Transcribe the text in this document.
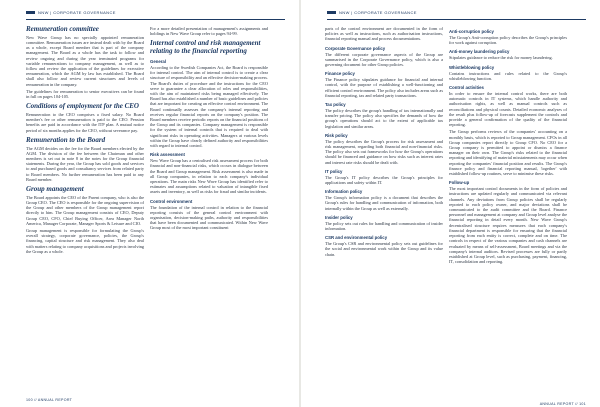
NNW | CORPORATE GOVERNANCE
Remuneration committee

New Wave Group has no specially appointed remuneration committee. Remuneration issues are instead dealt with by the Board as a whole, except Board member that is part of the company management. The Board as a whole has the task to follow and review ongoing and during the year terminated programs for variable remunerations to company management, as well as to follow and review the application of the guidelines for executive remuneration, which the AGM by law has established. The Board shall also follow and review current structures and levels of remuneration in the company.

The guidelines for remuneration to senior executives can be found in full on pages 104-105.

Conditions of employment for the CEO

Remuneration to the CEO comprises a fixed salary. No Board member's fee or other remuneration is paid to the CEO. Pension benefits are paid in accordance with the ITP plan. A mutual notice period of six months applies for the CEO, without severance pay.

Remuneration to the Board

The AGM decides on the fee for the Board members elected by the AGM. The division of the fee between the Chairman and other members is set out in note 8 in the notes for the Group financial statements. During the year, the Group has sold goods and services to and purchased goods and consultancy services from related party to Board members. No further remuneration has been paid to any Board member.

Group management

The Board appoints the CEO of the Parent company, who is also the Group CEO. The CEO is responsible for the ongoing supervision of the Group and other members of the Group management report directly to him. The Group management consists of CEO, Deputy Group CEO, CFO, Chief Buying Officer, Area Manager North America, Manager Corporate, Manager Sports & Leisure and CIO.

Group management is responsible for formulating the Group's overall strategy, corporate governance, policies, the Group's financing, capital structure and risk management. They also deal with matters relating to company acquisitions and projects involving the Group as a whole.

For a more detailed presentation of management's assignments and holdings in New Wave Group refer to pages 94-99.

Internal control and risk management relating to the financial reporting
General

According to the Swedish Companies Act, the Board is responsible for internal control. The aim of internal control is to create a clear structure of responsibility and an effective decision-making process. The Board's duties of procedure and the instructions for the CEO serve to guarantee a clear allocation of roles and responsibilities, with the aim of maintained risks being managed effectively. The Board has also established a number of basic guidelines and policies that are important for creating an effective control environment. The Board continually assesses the company's internal reporting and receives regular financial reports on the company's position. The Board members receive periodic reports on the financial positions of the Group and its companies. Company management is responsible for the system of internal controls that is required to deal with significant risks in operating activities. Managers at various levels within the Group have clearly defined authority and responsibilities with regard to internal control.

Risk assessment

New Wave Group has a centralised risk assessment process for both financial and non-financial risks, which occurs in dialogue between the Board and Group management. Risk assessment is also made in all Group companies, in relation to each company's individual operations. The main risks New Wave Group has identified refer to estimates and assumptions related to valuation of intangible fixed assets and inventory, as well as risks for fraud and similar incidents.

Control environment

The foundation of the internal control in relation to the financial reporting consists of the general control environment with organisation, decision-making paths, authority and responsibilities that have been documented and communicated. Within New Wave Group most of the most important constituent

100 // ANNUAL REPORT
NNW | CORPORATE GOVERNANCE

parts of the control environment are documented in the form of policies as well as instructions, such as authorisation instructions, financial reporting manual and process documentations.

Corporate Governance policy

The different corporate governance aspects of the Group are summarised in the Corporate Governance policy, which is also a governing document for other Group policies.

Finance policy

The Finance policy stipulates guidance for financial and internal control, with the purpose of establishing a well-functioning and efficient control environment. The policy also includes areas such as financial reporting, tax and related party transactions.

Tax policy

The policy describes the group's handling of tax internationally and transfer pricing. The policy also specifies the demands of how the group's operations should act to the extent of applicable tax legislation and similar areas.

Risk policy

The policy describes the Group's process for risk assessment and risk management, regarding both financial and non-financial risks. The policy also sets out frameworks for how the Group's operations should be financed and guidance on how risks such as interest rates and interest rate risks should be dealt with.

IT policy

The Group's IT policy describes the Group's principles for applications and safety within IT.

Information policy

The Group's information policy is a document that describes the Group's rules for handling and communication of information, both internally within the Group as well as externally.

Insider policy

The policy sets out rules for handling and communication of insider information.

CSR and environmental policy

The Group's CSR and environmental policy sets out guidelines for the social and environmental work within the Group and its value chain.

Anti-corruption policy

The Group's Anti-corruption policy describes the Group's principles for work against corruption.

Anti-money laundering policy

Stipulates guidance to reduce the risk for money laundering.

Whistleblowing policy

Contains instructions and rules related to the Group's whistleblowing function.

Control activities

In order to ensure the internal control works, there are both automatic controls in IT systems, which handle authority and authorisation rights, as well as manual controls such as reconciliations and physical counts. Detailed economic analyses of the result plus follow-up of forecasts supplement the controls and provide a general confirmation of the quality of the financial reporting.

The Group performs reviews of the companies' accounting on a monthly basis, which is reported to Group management. CFOs in all Group companies report directly to Group CFO. No CEO for a Group company is permitted to appoint or dismiss a finance manager on their own. The Group's risks related to the financial reporting and identifying of material misstatements may occur when reporting the companies' financial position and results. The Group's finance policy and financial reporting manual, 'together' with established follow-up routines, serve to minimise these risks.

Follow-up

The most important control documents in the form of policies and instructions are updated regularly and communicated via relevant channels. Any deviations from Group policies shall be regularly reported to each policy owner, and major deviations shall be communicated to the audit committee and the Board. Finance personnel and management at company and Group level analyse the financial reporting in detail every month. New Wave Group's decentralised structure requires measures that each company's financial department is responsible for ensuring that the financial reporting from each entity is correct, complete and on time. The controls in respect of the various companies and cash channels are evaluated by means of self-assessment, Board meetings and via the company's internal auditors. Revised processes are fully or partly established at Group level, such as purchasing, payment, financing, IT, consolidation and reporting.

ANNUAL REPORT // 101
